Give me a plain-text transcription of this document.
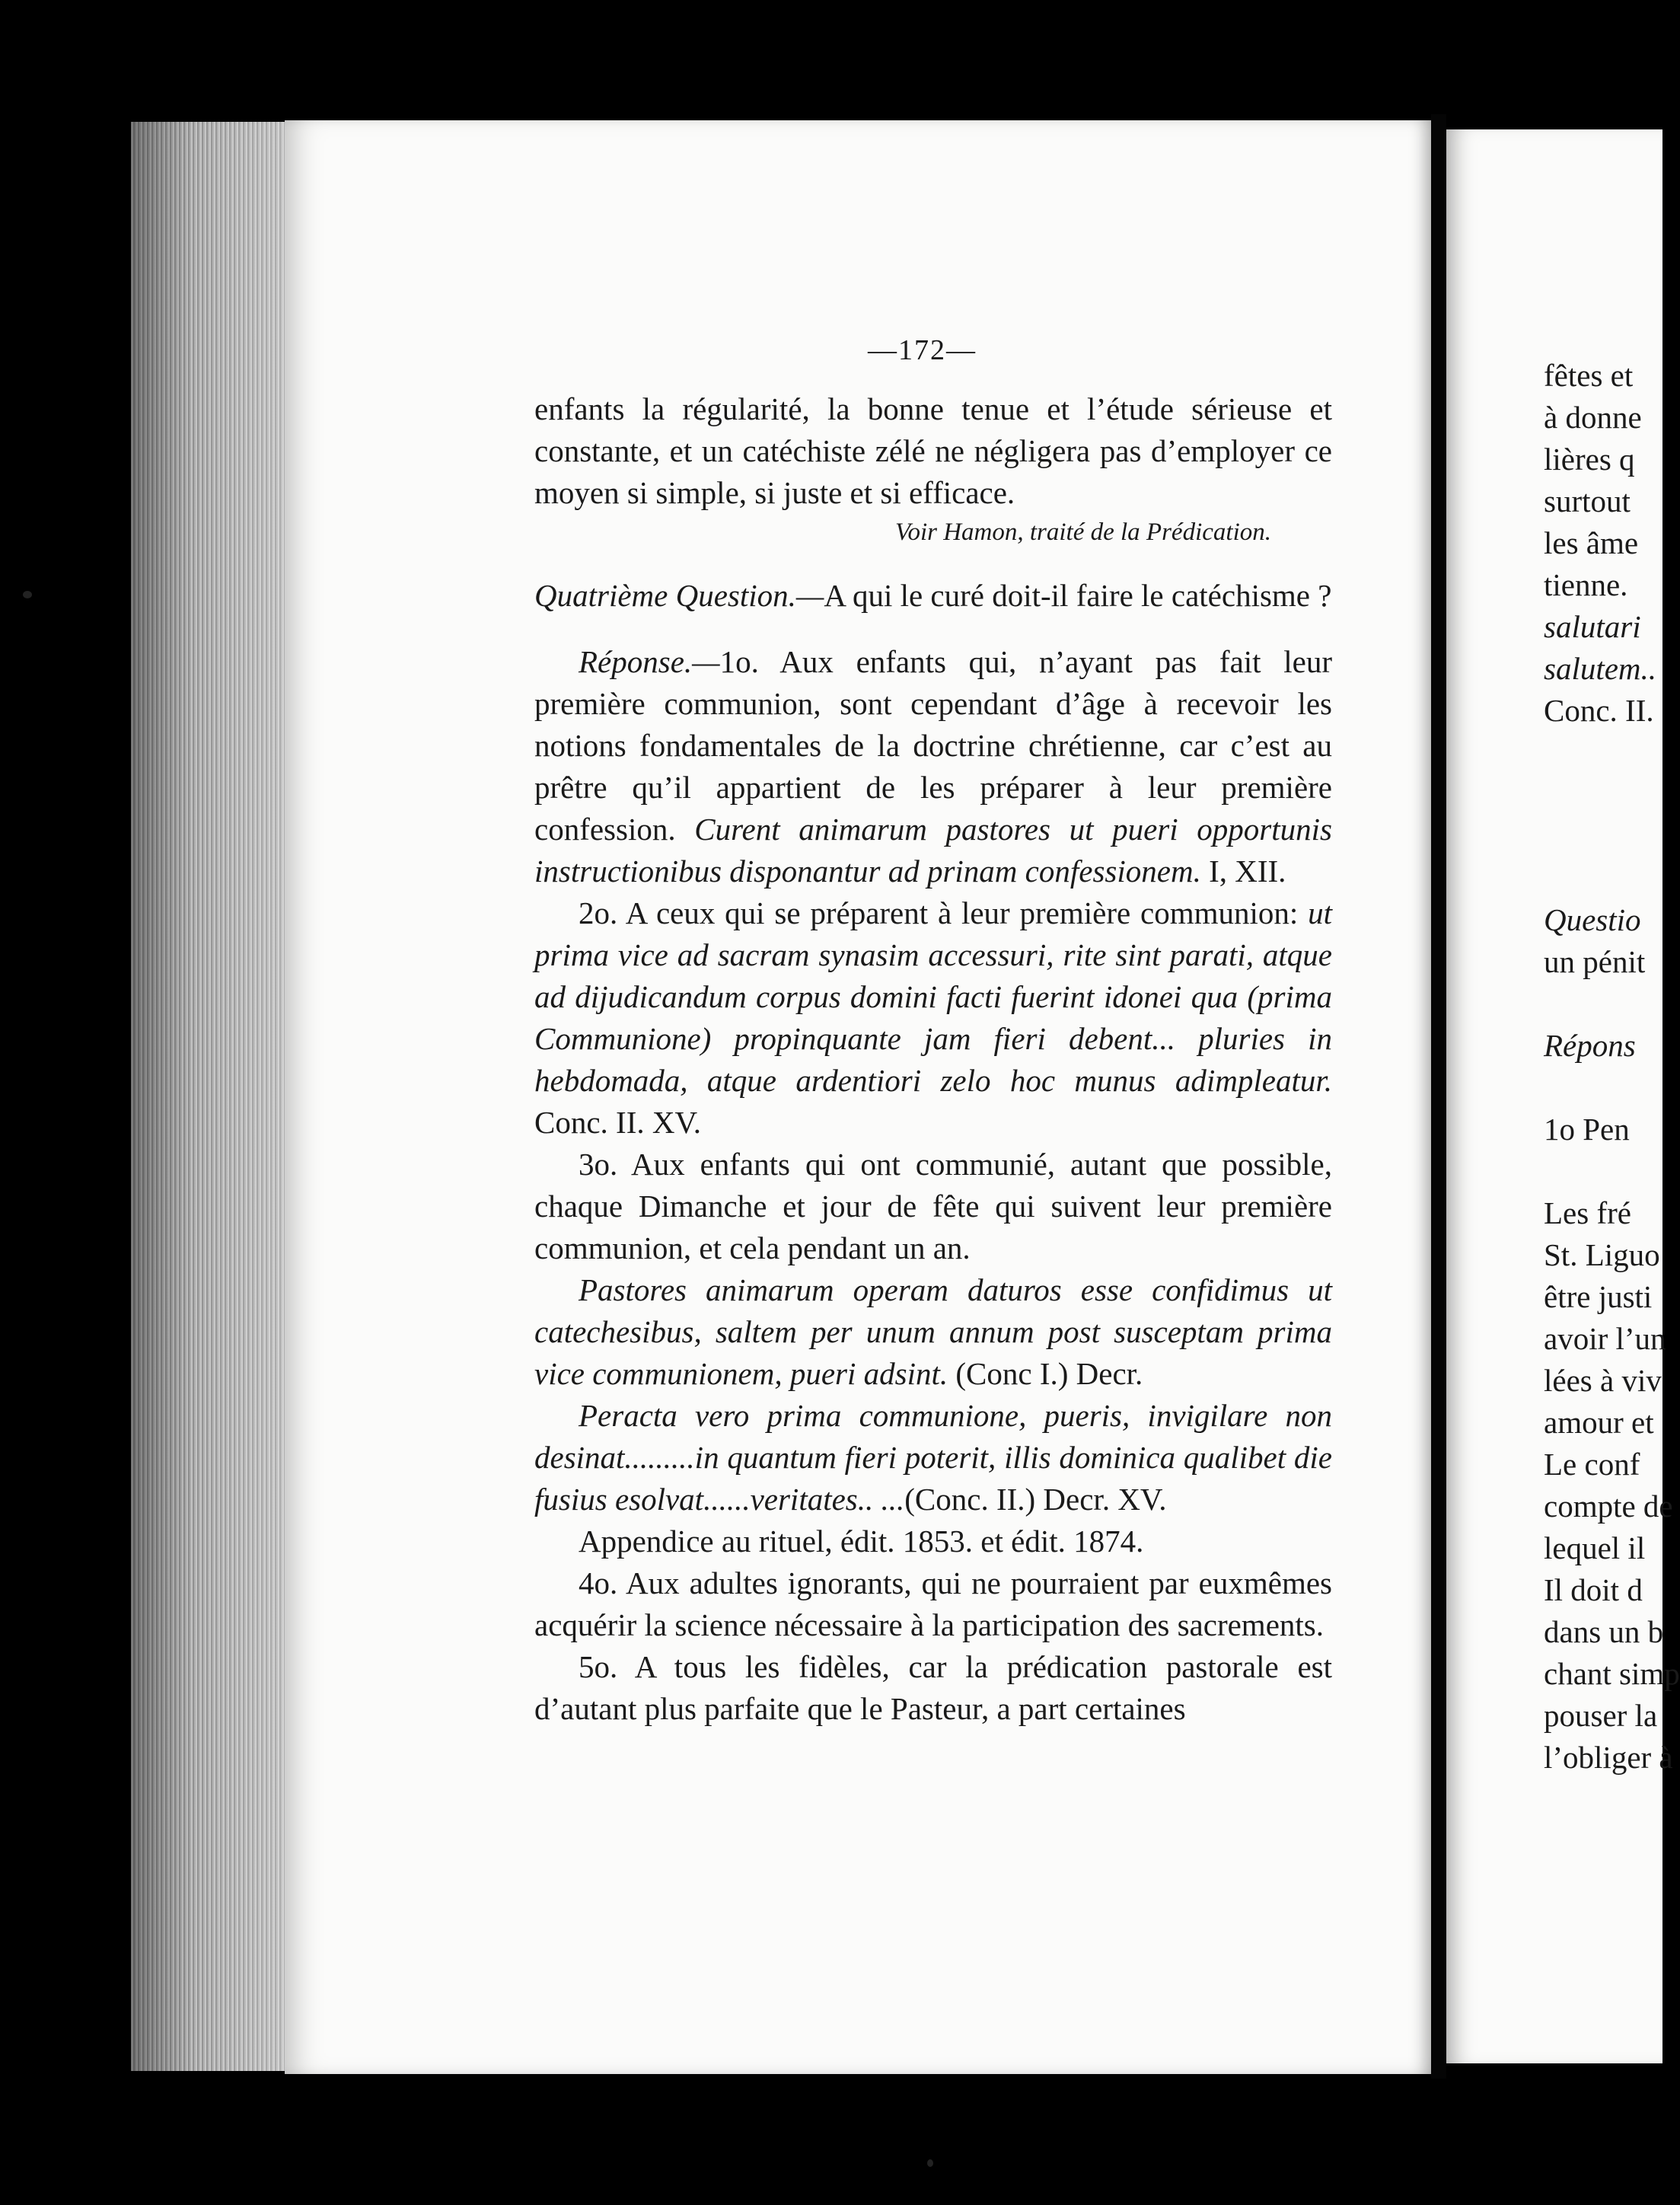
—172—

enfants la régularité, la bonne tenue et l’étude sérieuse et constante, et un catéchiste zélé ne négligera pas d’employer ce moyen si simple, si juste et si efficace.

Voir Hamon, traité de la Prédication.

Quatrième Question.—A qui le curé doit-il faire le catéchisme ?

Réponse.—1o. Aux enfants qui, n’ayant pas fait leur première communion, sont cependant d’âge à recevoir les notions fondamentales de la doctrine chrétienne, car c’est au prêtre qu’il appartient de les préparer à leur première confession. Curent animarum pastores ut pueri opportunis instructionibus disponantur ad prinam confessionem. I, XII.

2o. A ceux qui se préparent à leur première communion: ut prima vice ad sacram synasim accessuri, rite sint parati, atque ad dijudicandum corpus domini facti fuerint idonei qua (prima Communione) propinquante jam fieri debent... pluries in hebdomada, atque ardentiori zelo hoc munus adimpleatur. Conc. II. XV.

3o. Aux enfants qui ont communié, autant que possible, chaque Dimanche et jour de fête qui suivent leur première communion, et cela pendant un an.

Pastores animarum operam daturos esse confidimus ut catechesibus, saltem per unum annum post susceptam prima vice communionem, pueri adsint. (Conc I.) Decr.

Peracta vero prima communione, pueris, invigilare non desinat.........in quantum fieri poterit, illis dominica qualibet die fusius esolvat......veritates.. ...(Conc. II.) Decr. XV.

Appendice au rituel, édit. 1853. et édit. 1874.

4o. Aux adultes ignorants, qui ne pourraient par euxmêmes acquérir la science nécessaire à la participation des sacrements.

5o. A tous les fidèles, car la prédication pastorale est d’autant plus parfaite que le Pasteur, a part certaines

fêtes et
à donne
lières q
surtout
les âme
tienne.
salutari
salutem..
Conc. II.
Questio
un pénit
Répons
1o Pen
Les fré
St. Liguo
être justi
avoir l’un
lées à viv
amour et
Le conf
compte de
lequel il
Il doit d
dans un b
chant simp
pouser la
l’obliger à
